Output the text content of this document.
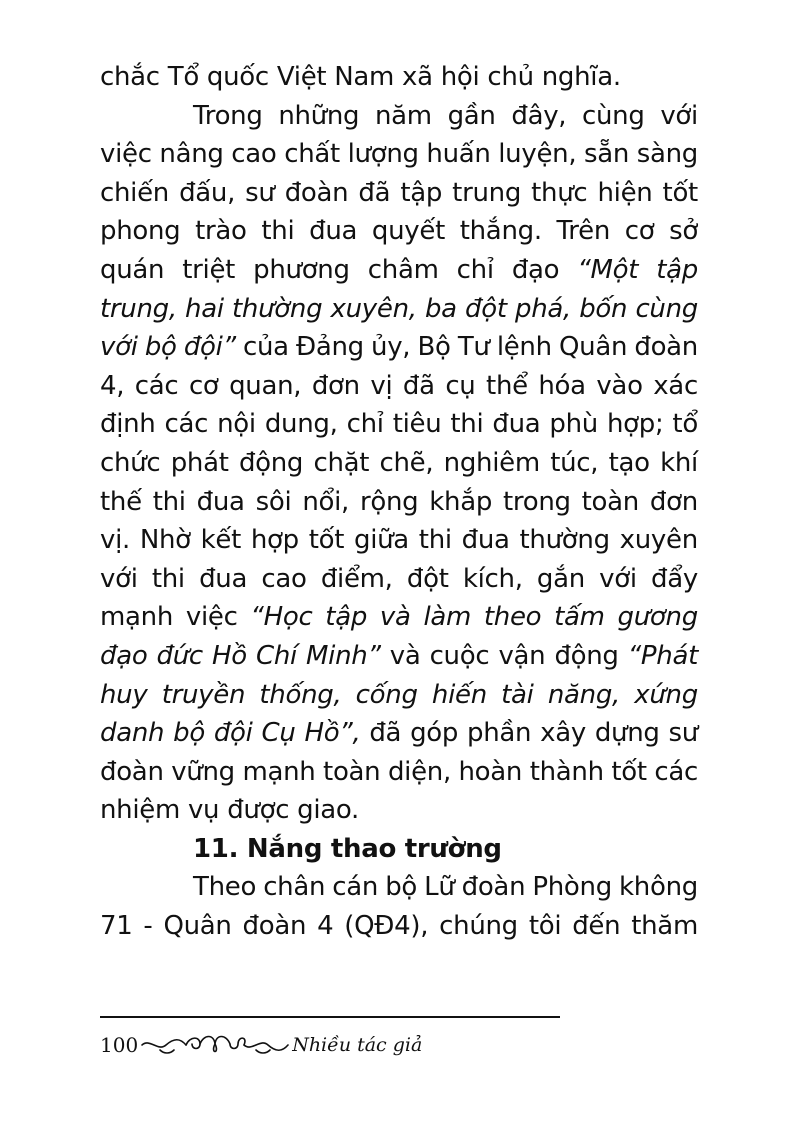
chắc Tổ quốc Việt Nam xã hội chủ nghĩa.
Trong những năm gần đây, cùng với
việc nâng cao chất lượng huấn luyện, sẵn sàng
chiến đấu, sư đoàn đã tập trung thực hiện tốt
phong trào thi đua quyết thắng. Trên cơ sở
quán triệt phương châm chỉ đạo “Một tập
trung, hai thường xuyên, ba đột phá, bốn cùng
với bộ đội” của Đảng ủy, Bộ Tư lệnh Quân đoàn
4, các cơ quan, đơn vị đã cụ thể hóa vào xác
định các nội dung, chỉ tiêu thi đua phù hợp; tổ
chức phát động chặt chẽ, nghiêm túc, tạo khí
thế thi đua sôi nổi, rộng khắp trong toàn đơn
vị. Nhờ kết hợp tốt giữa thi đua thường xuyên
với thi đua cao điểm, đột kích, gắn với đẩy
mạnh việc “Học tập và làm theo tấm gương
đạo đức Hồ Chí Minh” và cuộc vận động “Phát
huy truyền thống, cống hiến tài năng, xứng
danh bộ đội Cụ Hồ”, đã góp phần xây dựng sư
đoàn vững mạnh toàn diện, hoàn thành tốt các
nhiệm vụ được giao.
11. Nắng thao trường
Theo chân cán bộ Lữ đoàn Phòng không
71 - Quân đoàn 4 (QĐ4), chúng tôi đến thăm
100	Nhiều tác giả
